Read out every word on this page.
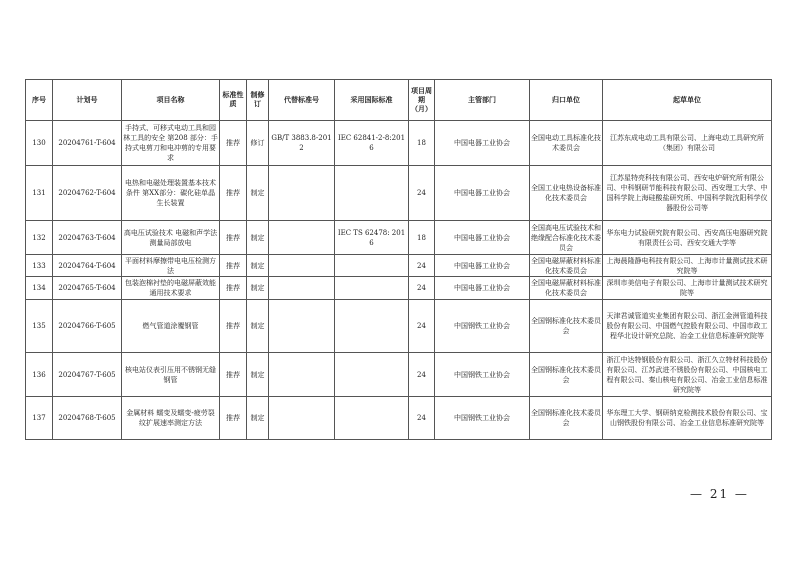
序号	计划号	项目名称	标准性质	制修订	代替标准号	采用国际标准	项目周期（月）	主管部门	归口单位	起草单位
130	20204761-T-604	手持式、可移式电动工具和园林工具的安全 第208 部分：手持式电剪刀和电冲剪的专用要求	推荐	修订	GB/T 3883.8-2012	IEC 62841-2-8:2016	18	中国电器工业协会	全国电动工具标准化技术委员会	江苏东成电动工具有限公司、上海电动工具研究所（集团）有限公司
131	20204762-T-604	电热和电磁处理装置基本技术条件 第XX部分：碳化硅单晶生长装置	推荐	制定			24	中国电器工业协会	全国工业电热设备标准化技术委员会	江苏星特亮科技有限公司、西安电炉研究所有限公司、中科钢研节能科技有限公司、西安理工大学、中国科学院上海硅酸盐研究所、中国科学院沈阳科学仪器股份公司等
132	20204763-T-604	高电压试验技术 电磁和声学法测量局部放电	推荐	制定		IEC TS 62478: 2016	18	中国电器工业协会	全国高电压试验技术和绝缘配合标准化技术委员会	华东电力试验研究院有限公司、西安高压电器研究院有限责任公司、西安交通大学等
133	20204764-T-604	平面材料摩擦带电电压检测方法	推荐	制定			24	中国电器工业协会	全国电磁屏蔽材料标准化技术委员会	上海晨隆静电科技有限公司、上海市计量测试技术研究院等
134	20204765-T-604	包装泡棉衬垫的电磁屏蔽效能通用技术要求	推荐	制定			24	中国电器工业协会	全国电磁屏蔽材料标准化技术委员会	深圳市美信电子有限公司、上海市计量测试技术研究院等
135	20204766-T-605	燃气管道涂覆钢管	推荐	制定			24	中国钢铁工业协会	全国钢标准化技术委员会	天津君诚管道实业集团有限公司、浙江金洲管道科技股份有限公司、中国燃气控股有限公司、中国市政工程华北设计研究总院、冶金工业信息标准研究院等
136	20204767-T-605	核电站仪表引压用不锈钢无缝钢管	推荐	制定			24	中国钢铁工业协会	全国钢标准化技术委员会	浙江中达特钢股份有限公司、浙江久立特材科技股份有限公司、江苏武进不锈股份有限公司、中国核电工程有限公司、秦山核电有限公司、冶金工业信息标准研究院等
137	20204768-T-605	金属材料 蠕变及蠕变-疲劳裂纹扩展速率测定方法	推荐	制定			24	中国钢铁工业协会	全国钢标准化技术委员会	华东理工大学、钢研纳克检测技术股份有限公司、宝山钢铁股份有限公司、冶金工业信息标准研究院等
— 21 —
